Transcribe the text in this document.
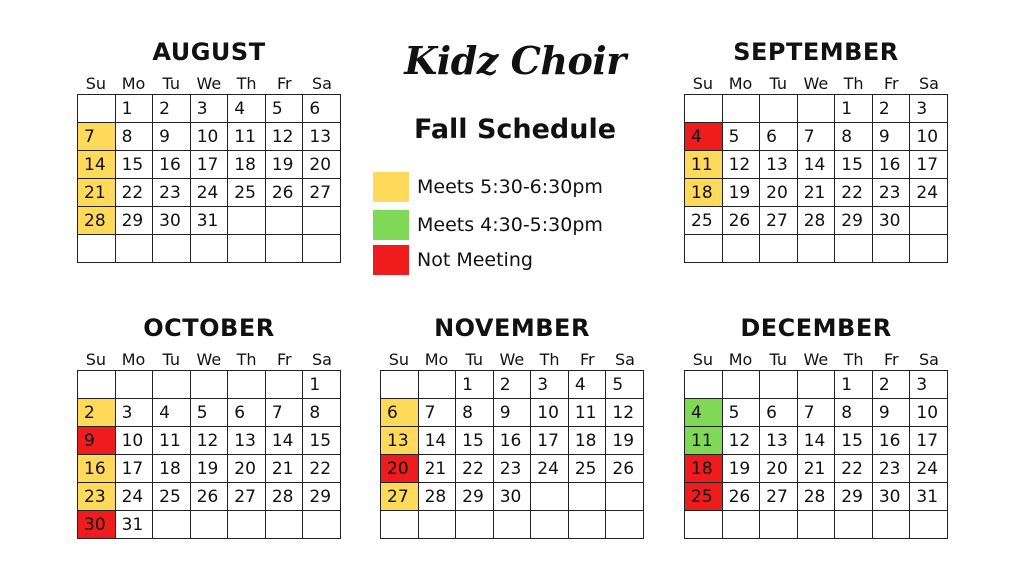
Kidz Choir
Fall Schedule
Meets 5:30-6:30pm
Meets 4:30-5:30pm
Not Meeting
AUGUST
Su Mo	Tu	We Th	Fr	Sa
	1	2	3	4	5	6
7	8	9	10	11	12	13
14	15	16	17	18	19	20
21	22	23	24	25	26	27
28	29	30	31			

SEPTEMBER
Su Mo	Tu	We Th	Fr	Sa
				1	2	3
4	5	6	7	8	9	10
11	12	13	14	15	16	17
18	19	20	21	22	23	24
25	26	27	28	29	30	

OCTOBER
Su Mo	Tu	We Th	Fr	Sa
						1
2	3	4	5	6	7	8
9	10	11	12	13	14	15
16	17	18	19	20	21	22
23	24	25	26	27	28	29
30	31					
NOVEMBER
Su Mo	Tu	We Th	Fr	Sa
		1	2	3	4	5
6	7	8	9	10	11	12
13	14	15	16	17	18	19
20	21	22	23	24	25	26
27	28	29	30			

DECEMBER
Su Mo	Tu	We Th	Fr	Sa
				1	2	3
4	5	6	7	8	9	10
11	12	13	14	15	16	17
18	19	20	21	22	23	24
25	26	27	28	29	30	31
